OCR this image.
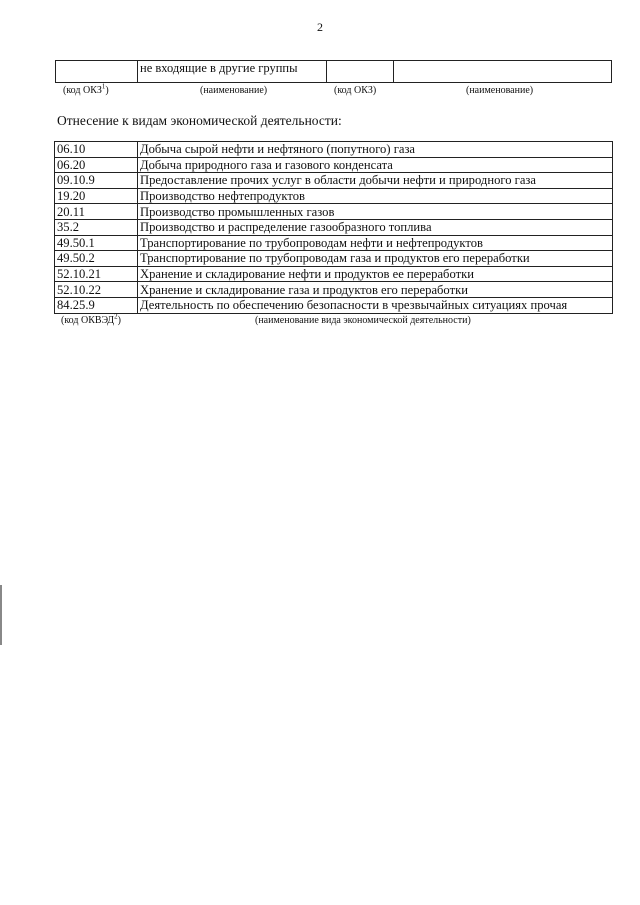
2
	не входящие в другие группы		
(код ОКЗ$^1$)	(наименование)	(код ОКЗ)	(наименование)
Отнесение к видам экономической деятельности:
06.10	Добыча сырой нефти и нефтяного (попутного) газа
06.20	Добыча природного газа и газового конденсата
09.10.9	Предоставление прочих услуг в области добычи нефти и природного газа
19.20	Производство нефтепродуктов
20.11	Производство промышленных газов
35.2	Производство и распределение газообразного топлива
49.50.1	Транспортирование по трубопроводам нефти и нефтепродуктов
49.50.2	Транспортирование по трубопроводам газа и продуктов его переработки
52.10.21	Хранение и складирование нефти и продуктов ее переработки
52.10.22	Хранение и складирование газа и продуктов его переработки
84.25.9	Деятельность по обеспечению безопасности в чрезвычайных ситуациях прочая
(код ОКВЭД$^2$)	(наименование вида экономической деятельности)
